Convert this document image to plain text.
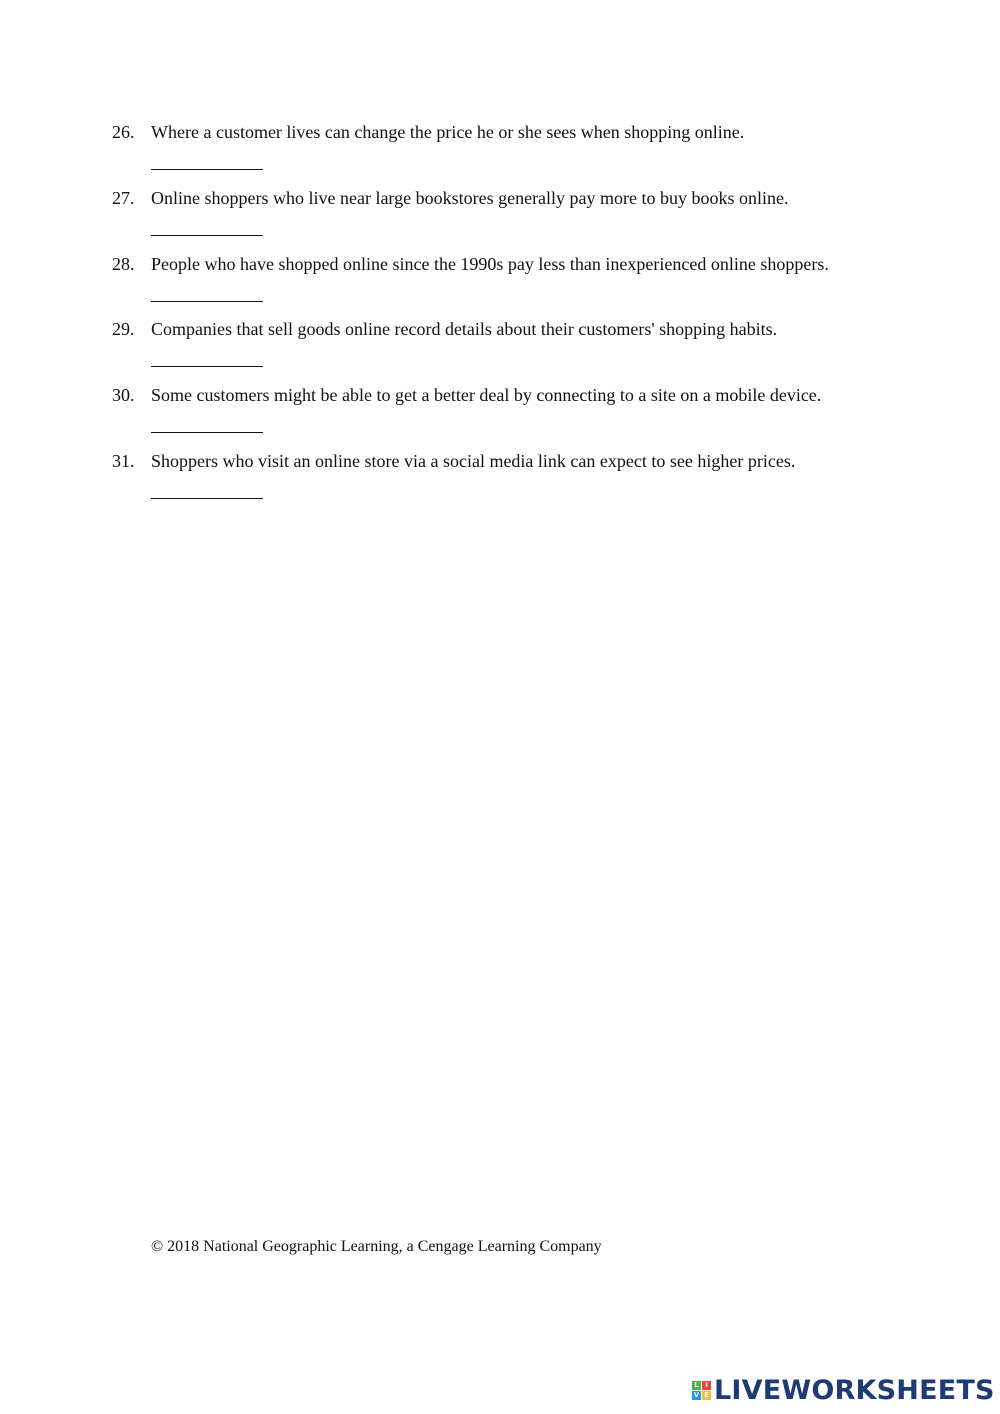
26. Where a customer lives can change the price he or she sees when shopping online.
27. Online shoppers who live near large bookstores generally pay more to buy books online.
28. People who have shopped online since the 1990s pay less than inexperienced online shoppers.
29. Companies that sell goods online record details about their customers' shopping habits.
30. Some customers might be able to get a better deal by connecting to a site on a mobile device.
31. Shoppers who visit an online store via a social media link can expect to see higher prices.
© 2018 National Geographic Learning, a Cengage Learning Company
L I
V E LIVEWORKSHEETS
